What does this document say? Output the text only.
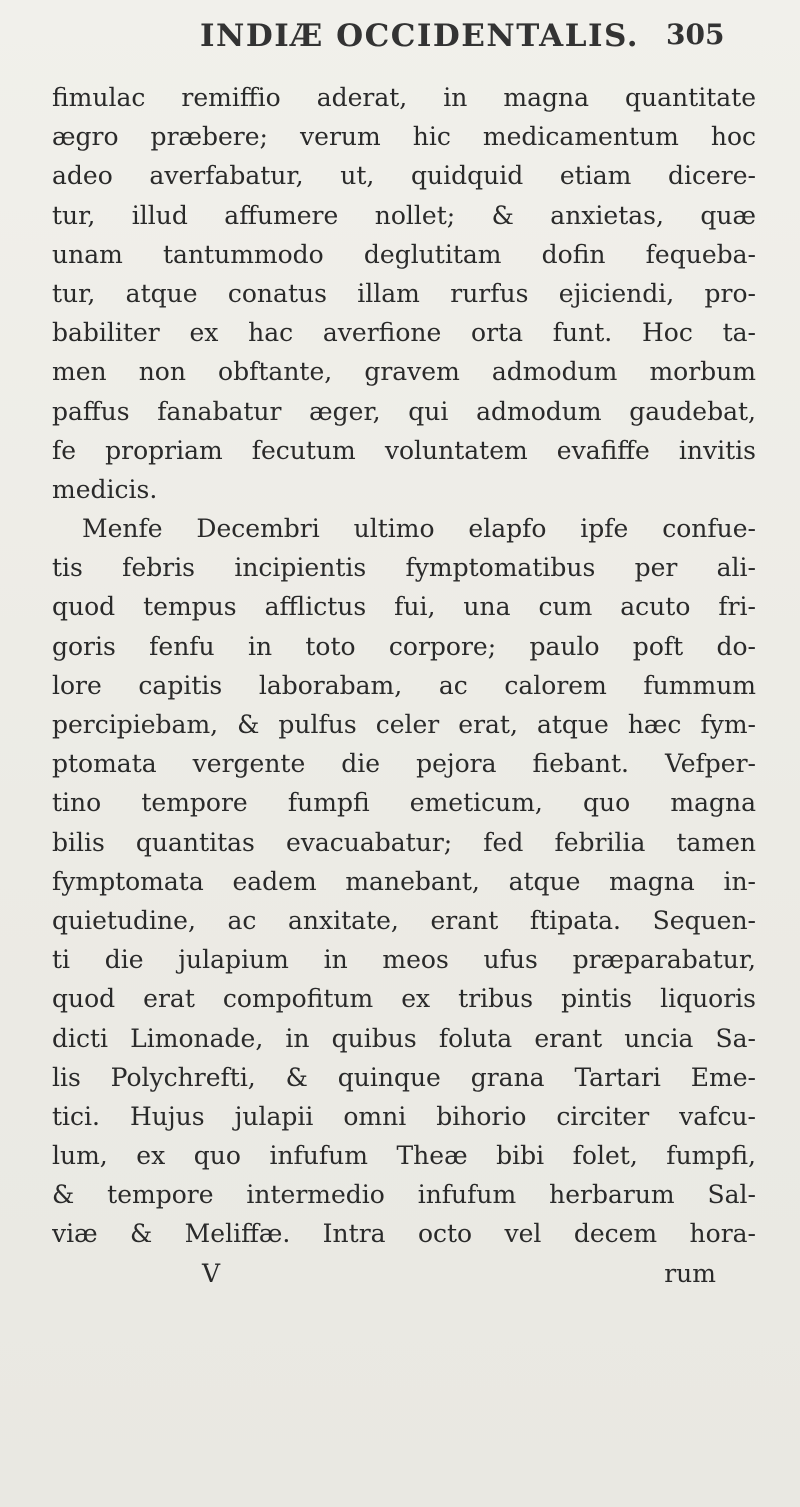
INDIÆ OCCIDENTALIS. 305
fimulac remiffio aderat, in magna quantitate
ægro præbere; verum hic medicamentum hoc
adeo averfabatur, ut, quidquid etiam dicere-
tur, illud affumere nollet; & anxietas, quæ
unam tantummodo deglutitam dofin fequeba-
tur, atque conatus illam rurfus ejiciendi, pro-
babiliter ex hac averfione orta funt. Hoc ta-
men non obftante, gravem admodum morbum
paffus fanabatur æger, qui admodum gaudebat,
fe propriam fecutum voluntatem evafiffe invitis
medicis.
Menfe Decembri ultimo elapfo ipfe confue-
tis febris incipientis fymptomatibus per ali-
quod tempus afflictus fui, una cum acuto fri-
goris fenfu in toto corpore; paulo poft do-
lore capitis laborabam, ac calorem fummum
percipiebam, & pulfus celer erat, atque hæc fym-
ptomata vergente die pejora fiebant. Vefper-
tino tempore fumpfi emeticum, quo magna
bilis quantitas evacuabatur; fed febrilia tamen
fymptomata eadem manebant, atque magna in-
quietudine, ac anxitate, erant ftipata. Sequen-
ti die julapium in meos ufus præparabatur,
quod erat compofitum ex tribus pintis liquoris
dicti Limonade, in quibus foluta erant uncia Sa-
lis Polychrefti, & quinque grana Tartari Eme-
tici. Hujus julapii omni bihorio circiter vafcu-
lum, ex quo infufum Theæ bibi folet, fumpfi,
& tempore intermedio infufum herbarum Sal-
viæ & Meliffæ. Intra octo vel decem hora-
V rum
